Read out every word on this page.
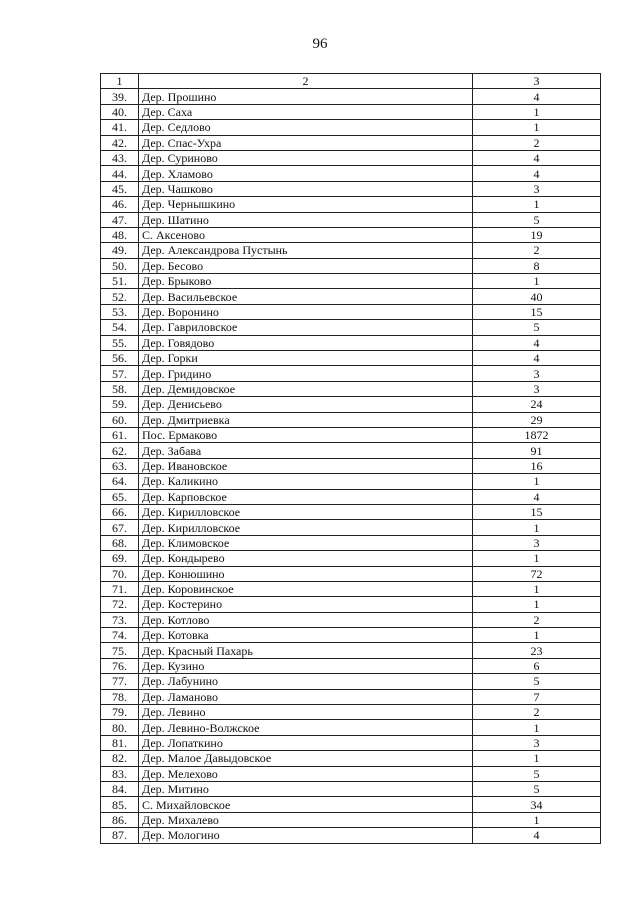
96
1	2	3
39.	Дер. Прошино	4
40.	Дер. Саха	1
41.	Дер. Седлово	1
42.	Дер. Спас-Ухра	2
43.	Дер. Суриново	4
44.	Дер. Хламово	4
45.	Дер. Чашково	3
46.	Дер. Чернышкино	1
47.	Дер. Шатино	5
48.	С. Аксеново	19
49.	Дер. Александрова Пустынь	2
50.	Дер. Бесово	8
51.	Дер. Брыково	1
52.	Дер. Васильевское	40
53.	Дер. Воронино	15
54.	Дер. Гавриловское	5
55.	Дер. Говядово	4
56.	Дер. Горки	4
57.	Дер. Гридино	3
58.	Дер. Демидовское	3
59.	Дер. Денисьево	24
60.	Дер. Дмитриевка	29
61.	Пос. Ермаково	1872
62.	Дер. Забава	91
63.	Дер. Ивановское	16
64.	Дер. Каликино	1
65.	Дер. Карповское	4
66.	Дер. Кирилловское	15
67.	Дер. Кирилловское	1
68.	Дер. Климовское	3
69.	Дер. Кондырево	1
70.	Дер. Конюшино	72
71.	Дер. Коровинское	1
72.	Дер. Костерино	1
73.	Дер. Котлово	2
74.	Дер. Котовка	1
75.	Дер. Красный Пахарь	23
76.	Дер. Кузино	6
77.	Дер. Лабунино	5
78.	Дер. Ламаново	7
79.	Дер. Левино	2
80.	Дер. Левино-Волжское	1
81.	Дер. Лопаткино	3
82.	Дер. Малое Давыдовское	1
83.	Дер. Мелехово	5
84.	Дер. Митино	5
85.	С. Михайловское	34
86.	Дер. Михалево	1
87.	Дер. Мологино	4
